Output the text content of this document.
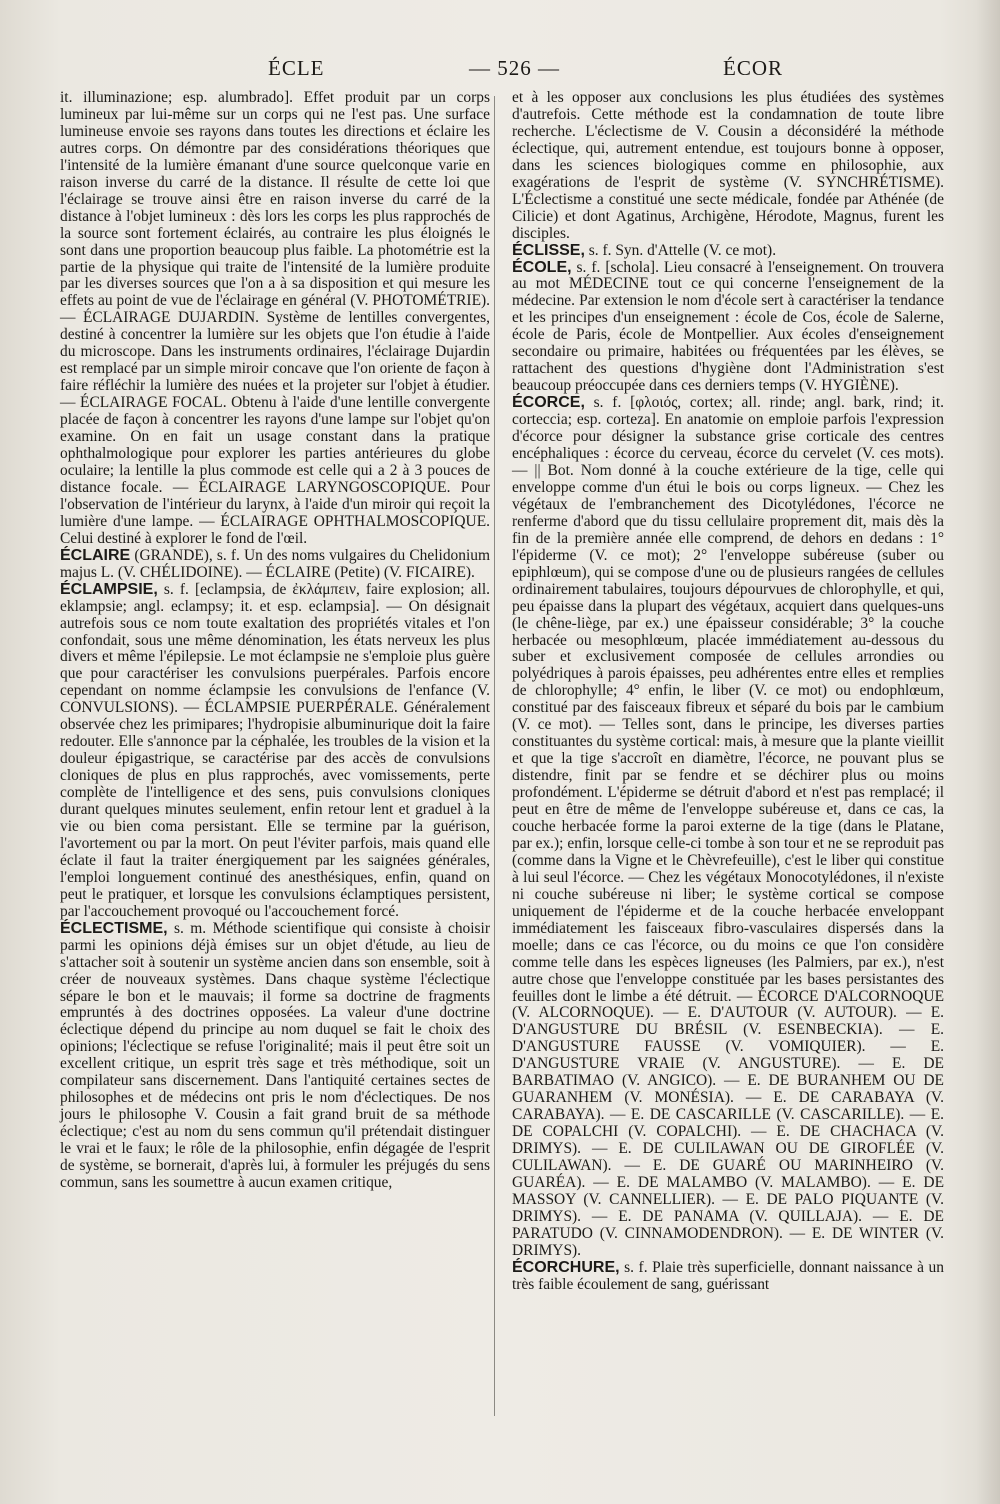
ÉCLE	— 526 —	ÉCOR

it. illuminazione; esp. alumbrado]. Effet produit par un corps lumineux par lui-même sur un corps qui ne l'est pas. Une surface lumineuse envoie ses rayons dans toutes les directions et éclaire les autres corps. On démontre par des considérations théoriques que l'intensité de la lumière émanant d'une source quelconque varie en raison inverse du carré de la distance. Il résulte de cette loi que l'éclairage se trouve ainsi être en raison inverse du carré de la distance à l'objet lumineux : dès lors les corps les plus rapprochés de la source sont fortement éclairés, au contraire les plus éloignés le sont dans une proportion beaucoup plus faible. La photométrie est la partie de la physique qui traite de l'intensité de la lumière produite par les diverses sources que l'on a à sa disposition et qui mesure les effets au point de vue de l'éclairage en général (V. PHOTOMÉTRIE). — ÉCLAIRAGE DUJARDIN. Système de lentilles convergentes, destiné à concentrer la lumière sur les objets que l'on étudie à l'aide du microscope. Dans les instruments ordinaires, l'éclairage Dujardin est remplacé par un simple miroir concave que l'on oriente de façon à faire réfléchir la lumière des nuées et la projeter sur l'objet à étudier. — ÉCLAIRAGE FOCAL. Obtenu à l'aide d'une lentille convergente placée de façon à concentrer les rayons d'une lampe sur l'objet qu'on examine. On en fait un usage constant dans la pratique ophthalmologique pour explorer les parties antérieures du globe oculaire; la lentille la plus commode est celle qui a 2 à 3 pouces de distance focale. — ÉCLAIRAGE LARYNGOSCOPIQUE. Pour l'observation de l'intérieur du larynx, à l'aide d'un miroir qui reçoit la lumière d'une lampe. — ÉCLAIRAGE OPHTHALMOSCOPIQUE. Celui destiné à explorer le fond de l'œil.

ÉCLAIRE (GRANDE), s. f. Un des noms vulgaires du Chelidonium majus L. (V. CHÉLIDOINE). — ÉCLAIRE (Petite) (V. FICAIRE).

ÉCLAMPSIE, s. f. [eclampsia, de ἐκλάμπειν, faire explosion; all. eklampsie; angl. eclampsy; it. et esp. eclampsia]. — On désignait autrefois sous ce nom toute exaltation des propriétés vitales et l'on confondait, sous une même dénomination, les états nerveux les plus divers et même l'épilepsie. Le mot éclampsie ne s'emploie plus guère que pour caractériser les convulsions puerpérales. Parfois encore cependant on nomme éclampsie les convulsions de l'enfance (V. CONVULSIONS). — ÉCLAMPSIE PUERPÉRALE. Généralement observée chez les primipares; l'hydropisie albuminurique doit la faire redouter. Elle s'annonce par la céphalée, les troubles de la vision et la douleur épigastrique, se caractérise par des accès de convulsions cloniques de plus en plus rapprochés, avec vomissements, perte complète de l'intelligence et des sens, puis convulsions cloniques durant quelques minutes seulement, enfin retour lent et graduel à la vie ou bien coma persistant. Elle se termine par la guérison, l'avortement ou par la mort. On peut l'éviter parfois, mais quand elle éclate il faut la traiter énergiquement par les saignées générales, l'emploi longuement continué des anesthésiques, enfin, quand on peut le pratiquer, et lorsque les convulsions éclamptiques persistent, par l'accouchement provoqué ou l'accouchement forcé.

ÉCLECTISME, s. m. Méthode scientifique qui consiste à choisir parmi les opinions déjà émises sur un objet d'étude, au lieu de s'attacher soit à soutenir un système ancien dans son ensemble, soit à créer de nouveaux systèmes. Dans chaque système l'éclectique sépare le bon et le mauvais; il forme sa doctrine de fragments empruntés à des doctrines opposées. La valeur d'une doctrine éclectique dépend du principe au nom duquel se fait le choix des opinions; l'éclectique se refuse l'originalité; mais il peut être soit un excellent critique, un esprit très sage et très méthodique, soit un compilateur sans discernement. Dans l'antiquité certaines sectes de philosophes et de médecins ont pris le nom d'éclectiques. De nos jours le philosophe V. Cousin a fait grand bruit de sa méthode éclectique; c'est au nom du sens commun qu'il prétendait distinguer le vrai et le faux; le rôle de la philosophie, enfin dégagée de l'esprit de système, se bornerait, d'après lui, à formuler les préjugés du sens commun, sans les soumettre à aucun examen critique,

et à les opposer aux conclusions les plus étudiées des systèmes d'autrefois. Cette méthode est la condamnation de toute libre recherche. L'éclectisme de V. Cousin a déconsidéré la méthode éclectique, qui, autrement entendue, est toujours bonne à opposer, dans les sciences biologiques comme en philosophie, aux exagérations de l'esprit de système (V. SYNCHRÉTISME). L'Éclectisme a constitué une secte médicale, fondée par Athénée (de Cilicie) et dont Agatinus, Archigène, Hérodote, Magnus, furent les disciples.

ÉCLISSE, s. f. Syn. d'Attelle (V. ce mot).

ÉCOLE, s. f. [schola]. Lieu consacré à l'enseignement. On trouvera au mot MÉDECINE tout ce qui concerne l'enseignement de la médecine. Par extension le nom d'école sert à caractériser la tendance et les principes d'un enseignement : école de Cos, école de Salerne, école de Paris, école de Montpellier. Aux écoles d'enseignement secondaire ou primaire, habitées ou fréquentées par les élèves, se rattachent des questions d'hygiène dont l'Administration s'est beaucoup préoccupée dans ces derniers temps (V. HYGIÈNE).

ÉCORCE, s. f. [φλοιός, cortex; all. rinde; angl. bark, rind; it. corteccia; esp. corteza]. En anatomie on emploie parfois l'expression d'écorce pour désigner la substance grise corticale des centres encéphaliques : écorce du cerveau, écorce du cervelet (V. ces mots). — || Bot. Nom donné à la couche extérieure de la tige, celle qui enveloppe comme d'un étui le bois ou corps ligneux. — Chez les végétaux de l'embranchement des Dicotylédones, l'écorce ne renferme d'abord que du tissu cellulaire proprement dit, mais dès la fin de la première année elle comprend, de dehors en dedans : 1° l'épiderme (V. ce mot); 2° l'enveloppe subéreuse (suber ou epiphlœum), qui se compose d'une ou de plusieurs rangées de cellules ordinairement tabulaires, toujours dépourvues de chlorophylle, et qui, peu épaisse dans la plupart des végétaux, acquiert dans quelques-uns (le chêne-liège, par ex.) une épaisseur considérable; 3° la couche herbacée ou mesophlœum, placée immédiatement au-dessous du suber et exclusivement composée de cellules arrondies ou polyédriques à parois épaisses, peu adhérentes entre elles et remplies de chlorophylle; 4° enfin, le liber (V. ce mot) ou endophlœum, constitué par des faisceaux fibreux et séparé du bois par le cambium (V. ce mot). — Telles sont, dans le principe, les diverses parties constituantes du système cortical: mais, à mesure que la plante vieillit et que la tige s'accroît en diamètre, l'écorce, ne pouvant plus se distendre, finit par se fendre et se déchirer plus ou moins profondément. L'épiderme se détruit d'abord et n'est pas remplacé; il peut en être de même de l'enveloppe subéreuse et, dans ce cas, la couche herbacée forme la paroi externe de la tige (dans le Platane, par ex.); enfin, lorsque celle-ci tombe à son tour et ne se reproduit pas (comme dans la Vigne et le Chèvrefeuille), c'est le liber qui constitue à lui seul l'écorce. — Chez les végétaux Monocotylédones, il n'existe ni couche subéreuse ni liber; le système cortical se compose uniquement de l'épiderme et de la couche herbacée enveloppant immédiatement les faisceaux fibro-vasculaires dispersés dans la moelle; dans ce cas l'écorce, ou du moins ce que l'on considère comme telle dans les espèces ligneuses (les Palmiers, par ex.), n'est autre chose que l'enveloppe constituée par les bases persistantes des feuilles dont le limbe a été détruit. — ÉCORCE D'ALCORNOQUE (V. ALCORNOQUE). — E. D'AUTOUR (V. AUTOUR). — E. D'ANGUSTURE DU BRÉSIL (V. ESENBECKIA). — E. D'ANGUSTURE FAUSSE (V. VOMIQUIER). — E. D'ANGUSTURE VRAIE (V. ANGUSTURE). — E. DE BARBATIMAO (V. ANGICO). — E. DE BURANHEM OU DE GUARANHEM (V. MONÉSIA). — E. DE CARABAYA (V. CARABAYA). — E. DE CASCARILLE (V. CASCARILLE). — E. DE COPALCHI (V. COPALCHI). — E. DE CHACHACA (V. DRIMYS). — E. DE CULILAWAN OU DE GIROFLÉE (V. CULILAWAN). — E. DE GUARÉ OU MARINHEIRO (V. GUARÉA). — E. DE MALAMBO (V. MALAMBO). — E. DE MASSOY (V. CANNELLIER). — E. DE PALO PIQUANTE (V. DRIMYS). — E. DE PANAMA (V. QUILLAJA). — E. DE PARATUDO (V. CINNAMODENDRON). — E. DE WINTER (V. DRIMYS).

ÉCORCHURE, s. f. Plaie très superficielle, donnant naissance à un très faible écoulement de sang, guérissant
